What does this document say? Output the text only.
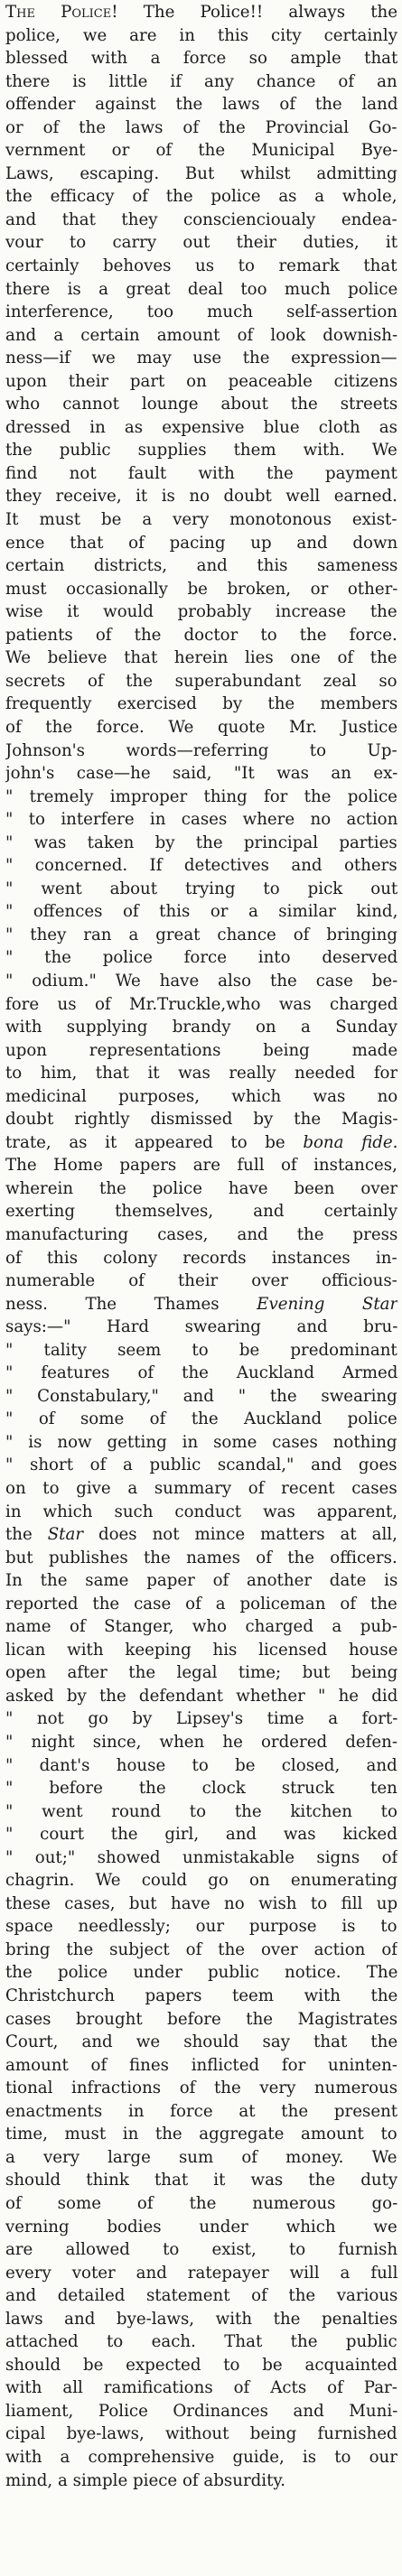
The Police! The Police!! always the
police, we are in this city certainly
blessed with a force so ample that
there is little if any chance of an
offender against the laws of the land
or of the laws of the Provincial Go-
vernment or of the Municipal Bye-
Laws, escaping. But whilst admitting
the efficacy of the police as a whole,
and that they consciencioualy endea-
vour to carry out their duties, it
certainly behoves us to remark that
there is a great deal too much police
interference, too much self-assertion
and a certain amount of look downish-
ness—if we may use the expression—
upon their part on peaceable citizens
who cannot lounge about the streets
dressed in as expensive blue cloth as
the public supplies them with. We
find not fault with the payment
they receive, it is no doubt well earned.
It must be a very monotonous exist-
ence that of pacing up and down
certain districts, and this sameness
must occasionally be broken, or other-
wise it would probably increase the
patients of the doctor to the force.
We believe that herein lies one of the
secrets of the superabundant zeal so
frequently exercised by the members
of the force. We quote Mr. Justice
Johnson's words—referring to Up-
john's case—he said, "It was an ex-
" tremely improper thing for the police
" to interfere in cases where no action
" was taken by the principal parties
" concerned. If detectives and others
" went about trying to pick out
" offences of this or a similar kind,
" they ran a great chance of bringing
" the police force into deserved
" odium." We have also the case be-
fore us of Mr.Truckle,who was charged
with supplying brandy on a Sunday
upon representations being made
to him, that it was really needed for
medicinal purposes, which was no
doubt rightly dismissed by the Magis-
trate, as it appeared to be bona fide.
The Home papers are full of instances,
wherein the police have been over
exerting themselves, and certainly
manufacturing cases, and the press
of this colony records instances in-
numerable of their over officious-
ness. The Thames Evening Star
says:—" Hard swearing and bru-
" tality seem to be predominant
" features of the Auckland Armed
" Constabulary," and " the swearing
" of some of the Auckland police
" is now getting in some cases nothing
" short of a public scandal," and goes
on to give a summary of recent cases
in which such conduct was apparent,
the Star does not mince matters at all,
but publishes the names of the officers.
In the same paper of another date is
reported the case of a policeman of the
name of Stanger, who charged a pub-
lican with keeping his licensed house
open after the legal time; but being
asked by the defendant whether " he did
" not go by Lipsey's time a fort-
" night since, when he ordered defen-
" dant's house to be closed, and
" before the clock struck ten
" went round to the kitchen to
" court the girl, and was kicked
" out;" showed unmistakable signs of
chagrin. We could go on enumerating
these cases, but have no wish to fill up
space needlessly; our purpose is to
bring the subject of the over action of
the police under public notice. The
Christchurch papers teem with the
cases brought before the Magistrates
Court, and we should say that the
amount of fines inflicted for uninten-
tional infractions of the very numerous
enactments in force at the present
time, must in the aggregate amount to
a very large sum of money. We
should think that it was the duty
of some of the numerous go-
verning bodies under which we
are allowed to exist, to furnish
every voter and ratepayer will a full
and detailed statement of the various
laws and bye-laws, with the penalties
attached to each. That the public
should be expected to be acquainted
with all ramifications of Acts of Par-
liament, Police Ordinances and Muni-
cipal bye-laws, without being furnished
with a comprehensive guide, is to our
mind, a simple piece of absurdity.
